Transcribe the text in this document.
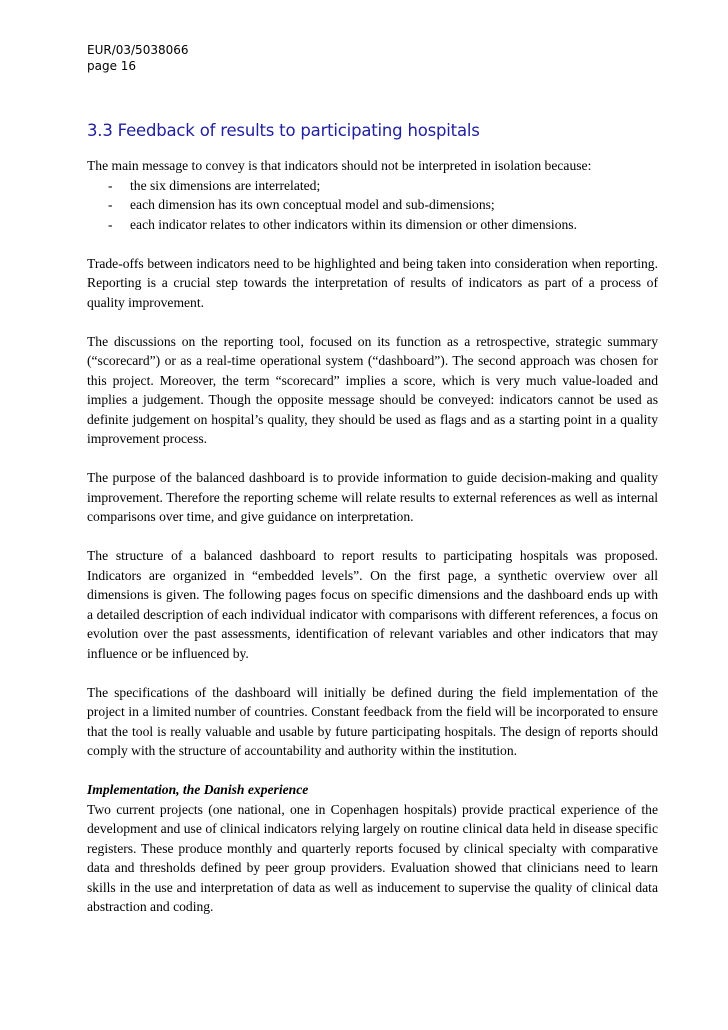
EUR/03/5038066
page 16
3.3 Feedback of results to participating hospitals

The main message to convey is that indicators should not be interpreted in isolation because:

- the six dimensions are interrelated;
- each dimension has its own conceptual model and sub-dimensions;
- each indicator relates to other indicators within its dimension or other dimensions.

Trade-offs between indicators need to be highlighted and being taken into consideration when reporting. Reporting is a crucial step towards the interpretation of results of indicators as part of a process of quality improvement.

The discussions on the reporting tool, focused on its function as a retrospective, strategic summary (“scorecard”) or as a real-time operational system (“dashboard”). The second approach was chosen for this project. Moreover, the term “scorecard” implies a score, which is very much value-loaded and implies a judgement. Though the opposite message should be conveyed: indicators cannot be used as definite judgement on hospital’s quality, they should be used as flags and as a starting point in a quality improvement process.

The purpose of the balanced dashboard is to provide information to guide decision-making and quality improvement. Therefore the reporting scheme will relate results to external references as well as internal comparisons over time, and give guidance on interpretation.

The structure of a balanced dashboard to report results to participating hospitals was proposed. Indicators are organized in “embedded levels”. On the first page, a synthetic overview over all dimensions is given. The following pages focus on specific dimensions and the dashboard ends up with a detailed description of each individual indicator with comparisons with different references, a focus on evolution over the past assessments, identification of relevant variables and other indicators that may influence or be influenced by.

The specifications of the dashboard will initially be defined during the field implementation of the project in a limited number of countries. Constant feedback from the field will be incorporated to ensure that the tool is really valuable and usable by future participating hospitals. The design of reports should comply with the structure of accountability and authority within the institution.

Implementation, the Danish experience
Two current projects (one national, one in Copenhagen hospitals) provide practical experience of the development and use of clinical indicators relying largely on routine clinical data held in disease specific registers. These produce monthly and quarterly reports focused by clinical specialty with comparative data and thresholds defined by peer group providers. Evaluation showed that clinicians need to learn skills in the use and interpretation of data as well as inducement to supervise the quality of clinical data abstraction and coding.
